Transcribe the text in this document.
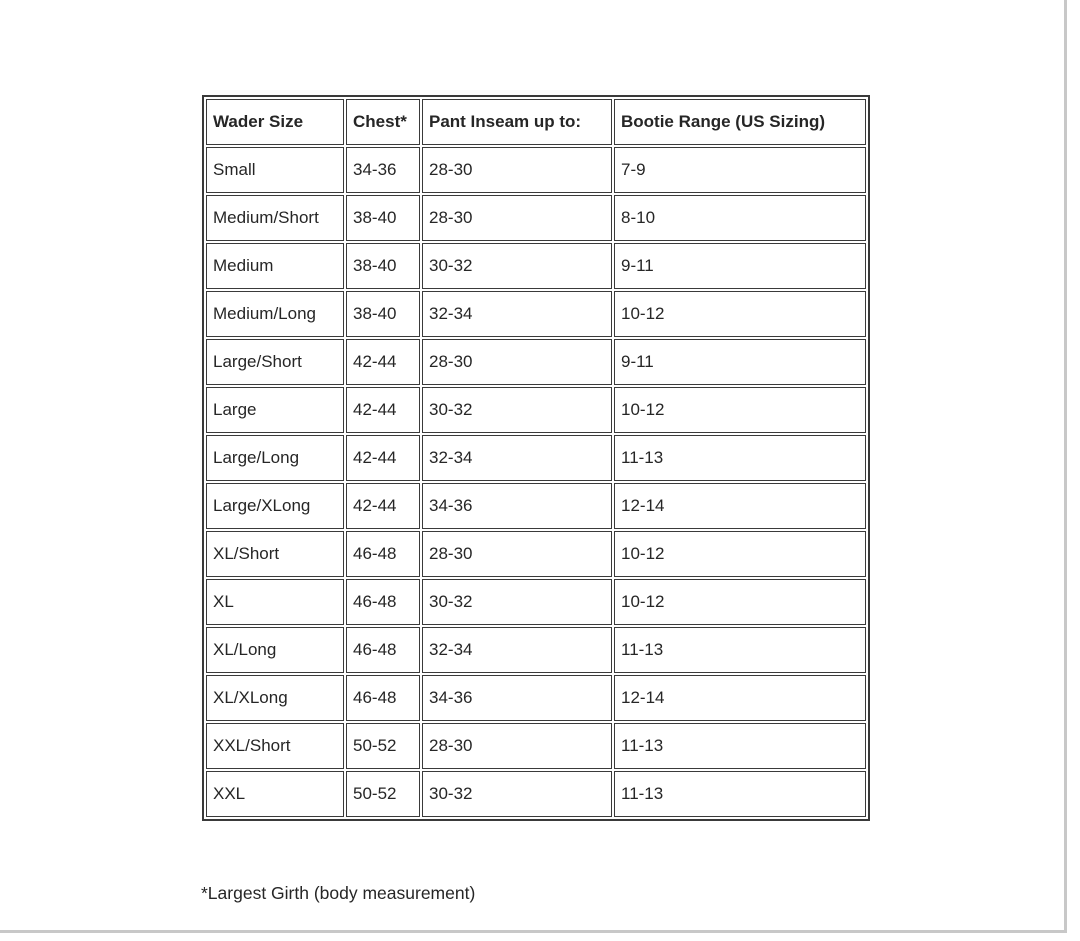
Wader Size	Chest*	Pant Inseam up to:	Bootie Range (US Sizing)
Small	34-36	28-30	7-9
Medium/Short	38-40	28-30	8-10
Medium	38-40	30-32	9-11
Medium/Long	38-40	32-34	10-12
Large/Short	42-44	28-30	9-11
Large	42-44	30-32	10-12
Large/Long	42-44	32-34	11-13
Large/XLong	42-44	34-36	12-14
XL/Short	46-48	28-30	10-12
XL	46-48	30-32	10-12
XL/Long	46-48	32-34	11-13
XL/XLong	46-48	34-36	12-14
XXL/Short	50-52	28-30	11-13
XXL	50-52	30-32	11-13

*Largest Girth (body measurement)
